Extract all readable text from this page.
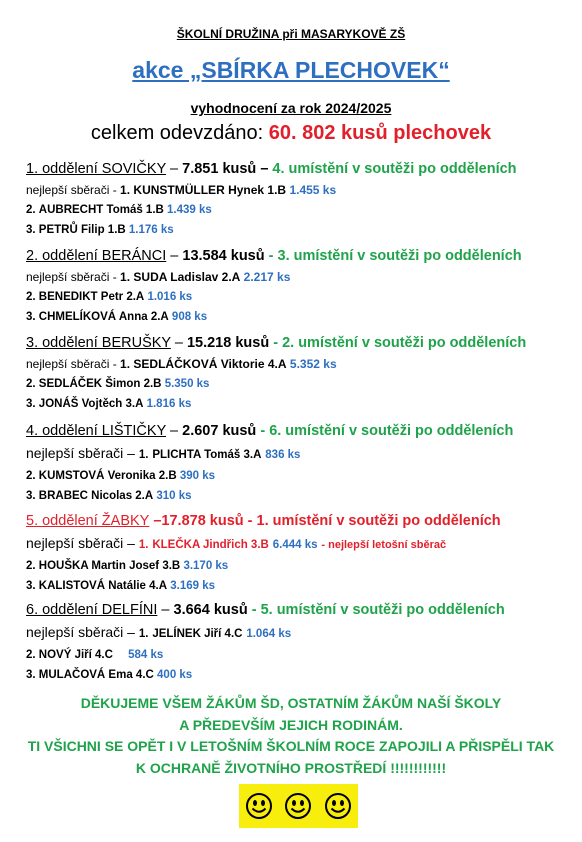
ŠKOLNÍ DRUŽINA při MASARYKOVĚ ZŠ
akce „SBÍRKA PLECHOVEK“
vyhodnocení za rok 2024/2025
celkem odevzdáno: 60. 802 kusů plechovek
1. oddělení SOVIČKY – 7.851 kusů – 4. umístění v soutěži po odděleních
nejlepší sběrači - 1. KUNSTMÜLLER Hynek 1.B 1.455 ks
2. AUBRECHT Tomáš 1.B 1.439 ks
3. PETRŮ Filip 1.B 1.176 ks
2. oddělení BERÁNCI – 13.584 kusů - 3. umístění v soutěži po odděleních
nejlepší sběrači - 1. SUDA Ladislav 2.A 2.217 ks
2. BENEDIKT Petr 2.A 1.016 ks
3. CHMELÍKOVÁ Anna 2.A 908 ks
3. oddělení BERUŠKY – 15.218 kusů - 2. umístění v soutěži po odděleních
nejlepší sběrači - 1. SEDLÁČKOVÁ Viktorie 4.A 5.352 ks
2. SEDLÁČEK Šimon 2.B 5.350 ks
3. JONÁŠ Vojtěch 3.A 1.816 ks
4. oddělení LIŠTIČKY – 2.607 kusů - 6. umístění v soutěži po odděleních
nejlepší sběrači – 1. PLICHTA Tomáš 3.A 836 ks
2. KUMSTOVÁ Veronika 2.B 390 ks
3. BRABEC Nicolas 2.A 310 ks
5. oddělení ŽABKY –17.878 kusů - 1. umístění v soutěži po odděleních
nejlepší sběrači – 1. KLEČKA Jindřich 3.B 6.444 ks - nejlepší letošní sběrač
2. HOUŠKA Martin Josef 3.B 3.170 ks
3. KALISTOVÁ Natálie 4.A 3.169 ks
6. oddělení DELFÍNI – 3.664 kusů - 5. umístění v soutěži po odděleních
nejlepší sběrači – 1. JELÍNEK Jiří 4.C 1.064 ks
2. NOVÝ Jiří 4.C 584 ks
3. MULAČOVÁ Ema 4.C 400 ks
DĚKUJEME VŠEM ŽÁKŮM ŠD, OSTATNÍM ŽÁKŮM NAŠÍ ŠKOLY
A PŘEDEVŠÍM JEJICH RODINÁM.
TI VŠICHNI SE OPĚT I V LETOŠNÍM ŠKOLNÍM ROCE ZAPOJILI A PŘISPĚLI TAK
K OCHRANĚ ŽIVOTNÍHO PROSTŘEDÍ !!!!!!!!!!!!
